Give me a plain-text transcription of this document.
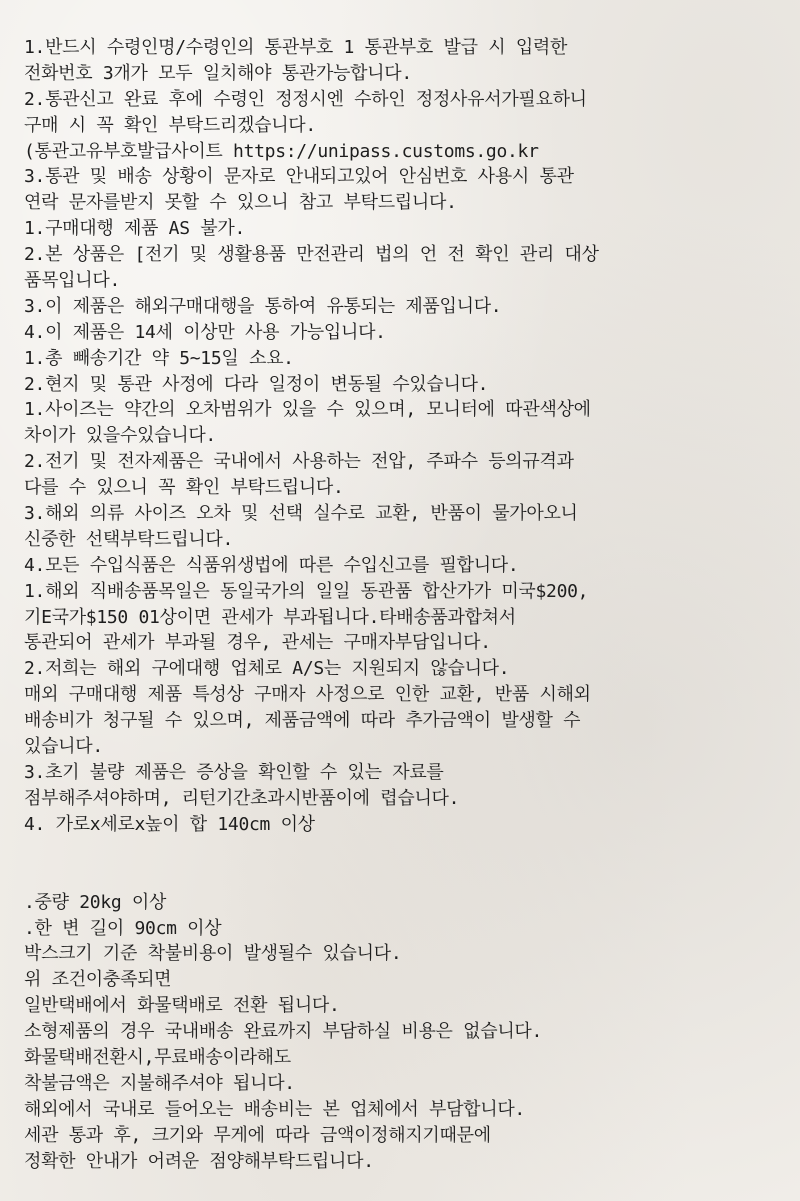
1.반드시 수령인명/수령인의 통관부호 1 통관부호 발급 시 입력한
전화번호 3개가 모두 일치해야 통관가능합니다.
2.통관신고 완료 후에 수령인 정정시엔 수하인 정정사유서가필요하니
구매 시 꼭 확인 부탁드리겠습니다.
(통관고유부호발급사이트 https://unipass.customs.go.kr
3.통관 및 배송 상황이 문자로 안내되고있어 안심번호 사용시 통관
연락 문자를받지 못할 수 있으니 참고 부탁드립니다.
1.구매대행 제품 AS 불가.
2.본 상품은 [전기 및 생활용품 만전관리 법의 언 전 확인 관리 대상
품목입니다.
3.이 제품은 해외구매대행을 통하여 유통되는 제품입니다.
4.이 제품은 14세 이상만 사용 가능입니다.
1.총 빼송기간 약 5~15일 소요.
2.현지 및 통관 사정에 다라 일정이 변동될 수있습니다.
1.사이즈는 약간의 오차범위가 있을 수 있으며, 모니터에 따관색상에
차이가 있을수있습니다.
2.전기 및 전자제품은 국내에서 사용하는 전압, 주파수 등의규격과
다를 수 있으니 꼭 확인 부탁드립니다.
3.해외 의류 사이즈 오차 및 선택 실수로 교환, 반품이 물가아오니
신중한 선택부탁드립니다.
4.모든 수입식품은 식품위생법에 따른 수입신고를 필합니다.
1.해외 직배송품목일은 동일국가의 일일 동관품 합산가가 미국$200,
기E국가$150 01상이면 관세가 부과됩니다.타배송품과합쳐서
통관되어 관세가 부과될 경우, 관세는 구매자부담입니다.
2.저희는 해외 구에대행 업체로 A/S는 지원되지 않습니다.
매외 구매대행 제품 특성상 구매자 사정으로 인한 교환, 반품 시해외
배송비가 청구될 수 있으며, 제품금액에 따라 추가금액이 발생할 수
있습니다.
3.초기 불량 제품은 증상을 확인할 수 있는 자료를
점부해주셔야하며, 리턴기간초과시반품이에 렵습니다.
4. 가로x세로x높이 합 140cm 이상
.중량 20kg 이상
.한 변 길이 90cm 이상
박스크기 기준 착불비용이 발생될수 있습니다.
위 조건이충족되면
일반택배에서 화물택배로 전환 됩니다.
소형제품의 경우 국내배송 완료까지 부담하실 비용은 없습니다.
화물택배전환시,무료배송이라해도
착불금액은 지불해주셔야 됩니다.
해외에서 국내로 들어오는 배송비는 본 업체에서 부담합니다.
세관 통과 후, 크기와 무게에 따라 금액이정해지기때문에
정확한 안내가 어려운 점양해부탁드립니다.
